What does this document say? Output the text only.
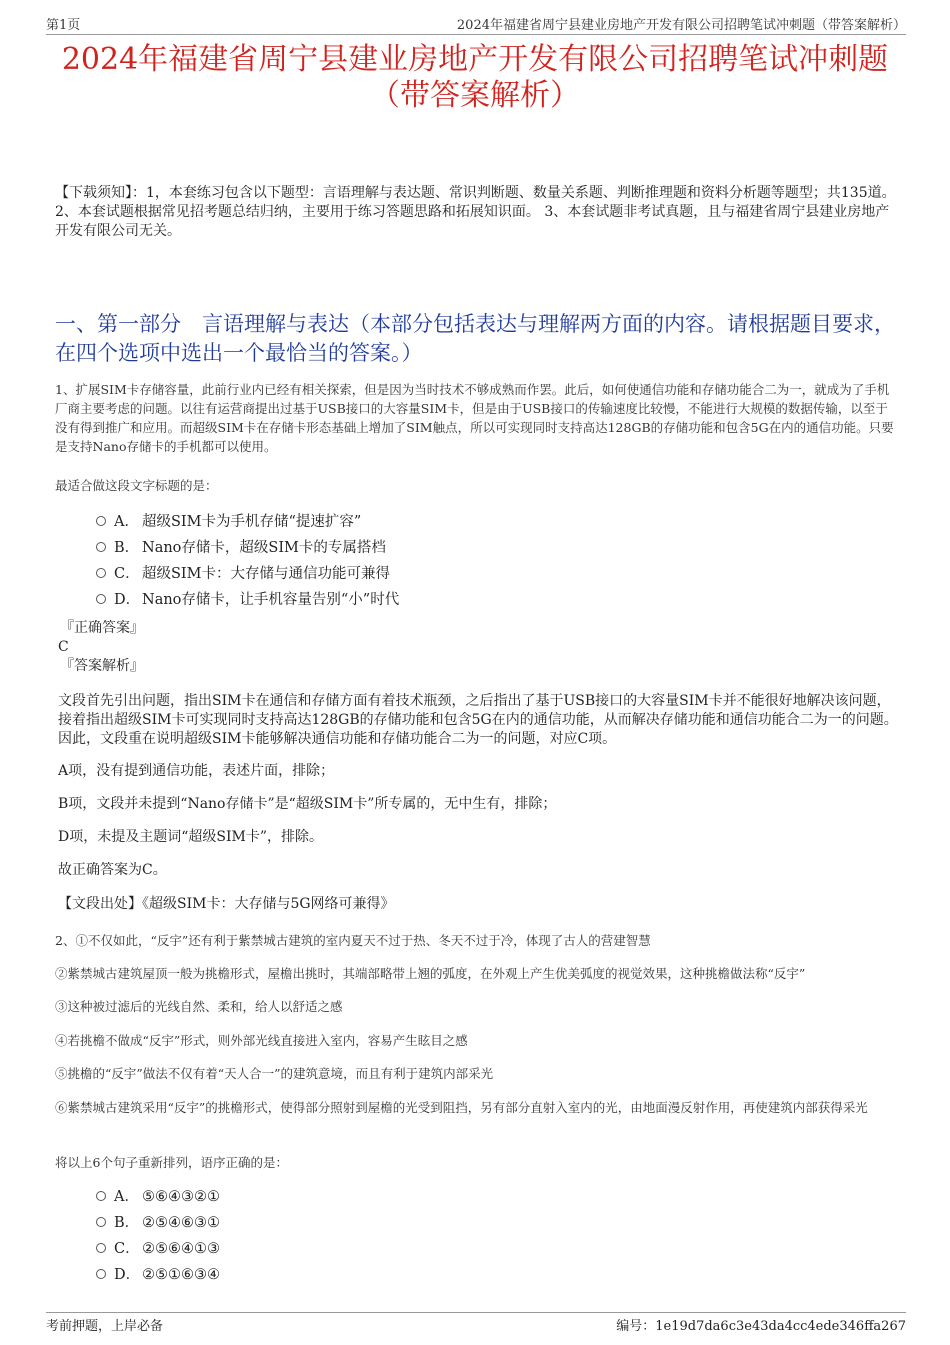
第1页	2024年福建省周宁县建业房地产开发有限公司招聘笔试冲刺题（带答案解析）
2024年福建省周宁县建业房地产开发有限公司招聘笔试冲刺题
（带答案解析）
【下载须知】：1，本套练习包含以下题型：言语理解与表达题、常识判断题、数量关系题、判断推理题和资料分析题等题型；共135道。 2、本套试题根据常见招考题总结归纳，主要用于练习答题思路和拓展知识面。 3、本套试题非考试真题，且与福建省周宁县建业房地产开发有限公司无关。
一、第一部分　言语理解与表达（本部分包括表达与理解两方面的内容。请根据题目要求，在四个选项中选出一个最恰当的答案。）
1、扩展SIM卡存储容量，此前行业内已经有相关探索，但是因为当时技术不够成熟而作罢。此后，如何使通信功能和存储功能合二为一，就成为了手机厂商主要考虑的问题。以往有运营商提出过基于USB接口的大容量SIM卡，但是由于USB接口的传输速度比较慢，不能进行大规模的数据传输，以至于没有得到推广和应用。而超级SIM卡在存储卡形态基础上增加了SIM触点，所以可实现同时支持高达128GB的存储功能和包含5G在内的通信功能。只要是支持Nano存储卡的手机都可以使用。
最适合做这段文字标题的是：
A． 超级SIM卡为手机存储“提速扩容”
B． Nano存储卡，超级SIM卡的专属搭档
C． 超级SIM卡：大存储与通信功能可兼得
D． Nano存储卡，让手机容量告别“小”时代
『正确答案』
C
『答案解析』
文段首先引出问题，指出SIM卡在通信和存储方面有着技术瓶颈，之后指出了基于USB接口的大容量SIM卡并不能很好地解决该问题，接着指出超级SIM卡可实现同时支持高达128GB的存储功能和包含5G在内的通信功能，从而解决存储功能和通信功能合二为一的问题。因此，文段重在说明超级SIM卡能够解决通信功能和存储功能合二为一的问题，对应C项。
A项，没有提到通信功能，表述片面，排除；
B项，文段并未提到“Nano存储卡”是“超级SIM卡”所专属的，无中生有，排除；
D项，未提及主题词“超级SIM卡”，排除。
故正确答案为C。
【文段出处】《超级SIM卡：大存储与5G网络可兼得》
2、①不仅如此，“反宇”还有利于紫禁城古建筑的室内夏天不过于热、冬天不过于冷，体现了古人的营建智慧
②紫禁城古建筑屋顶一般为挑檐形式，屋檐出挑时，其端部略带上翘的弧度，在外观上产生优美弧度的视觉效果，这种挑檐做法称“反宇”
③这种被过滤后的光线自然、柔和，给人以舒适之感
④若挑檐不做成“反宇”形式，则外部光线直接进入室内，容易产生眩目之感
⑤挑檐的“反宇”做法不仅有着“天人合一”的建筑意境，而且有利于建筑内部采光
⑥紫禁城古建筑采用“反宇”的挑檐形式，使得部分照射到屋檐的光受到阻挡，另有部分直射入室内的光，由地面漫反射作用，再使建筑内部获得采光
将以上6个句子重新排列，语序正确的是：
A． ⑤⑥④③②①
B． ②⑤④⑥③①
C． ②⑤⑥④①③
D． ②⑤①⑥③④
考前押题，上岸必备	编号：1e19d7da6c3e43da4cc4ede346ffa267
